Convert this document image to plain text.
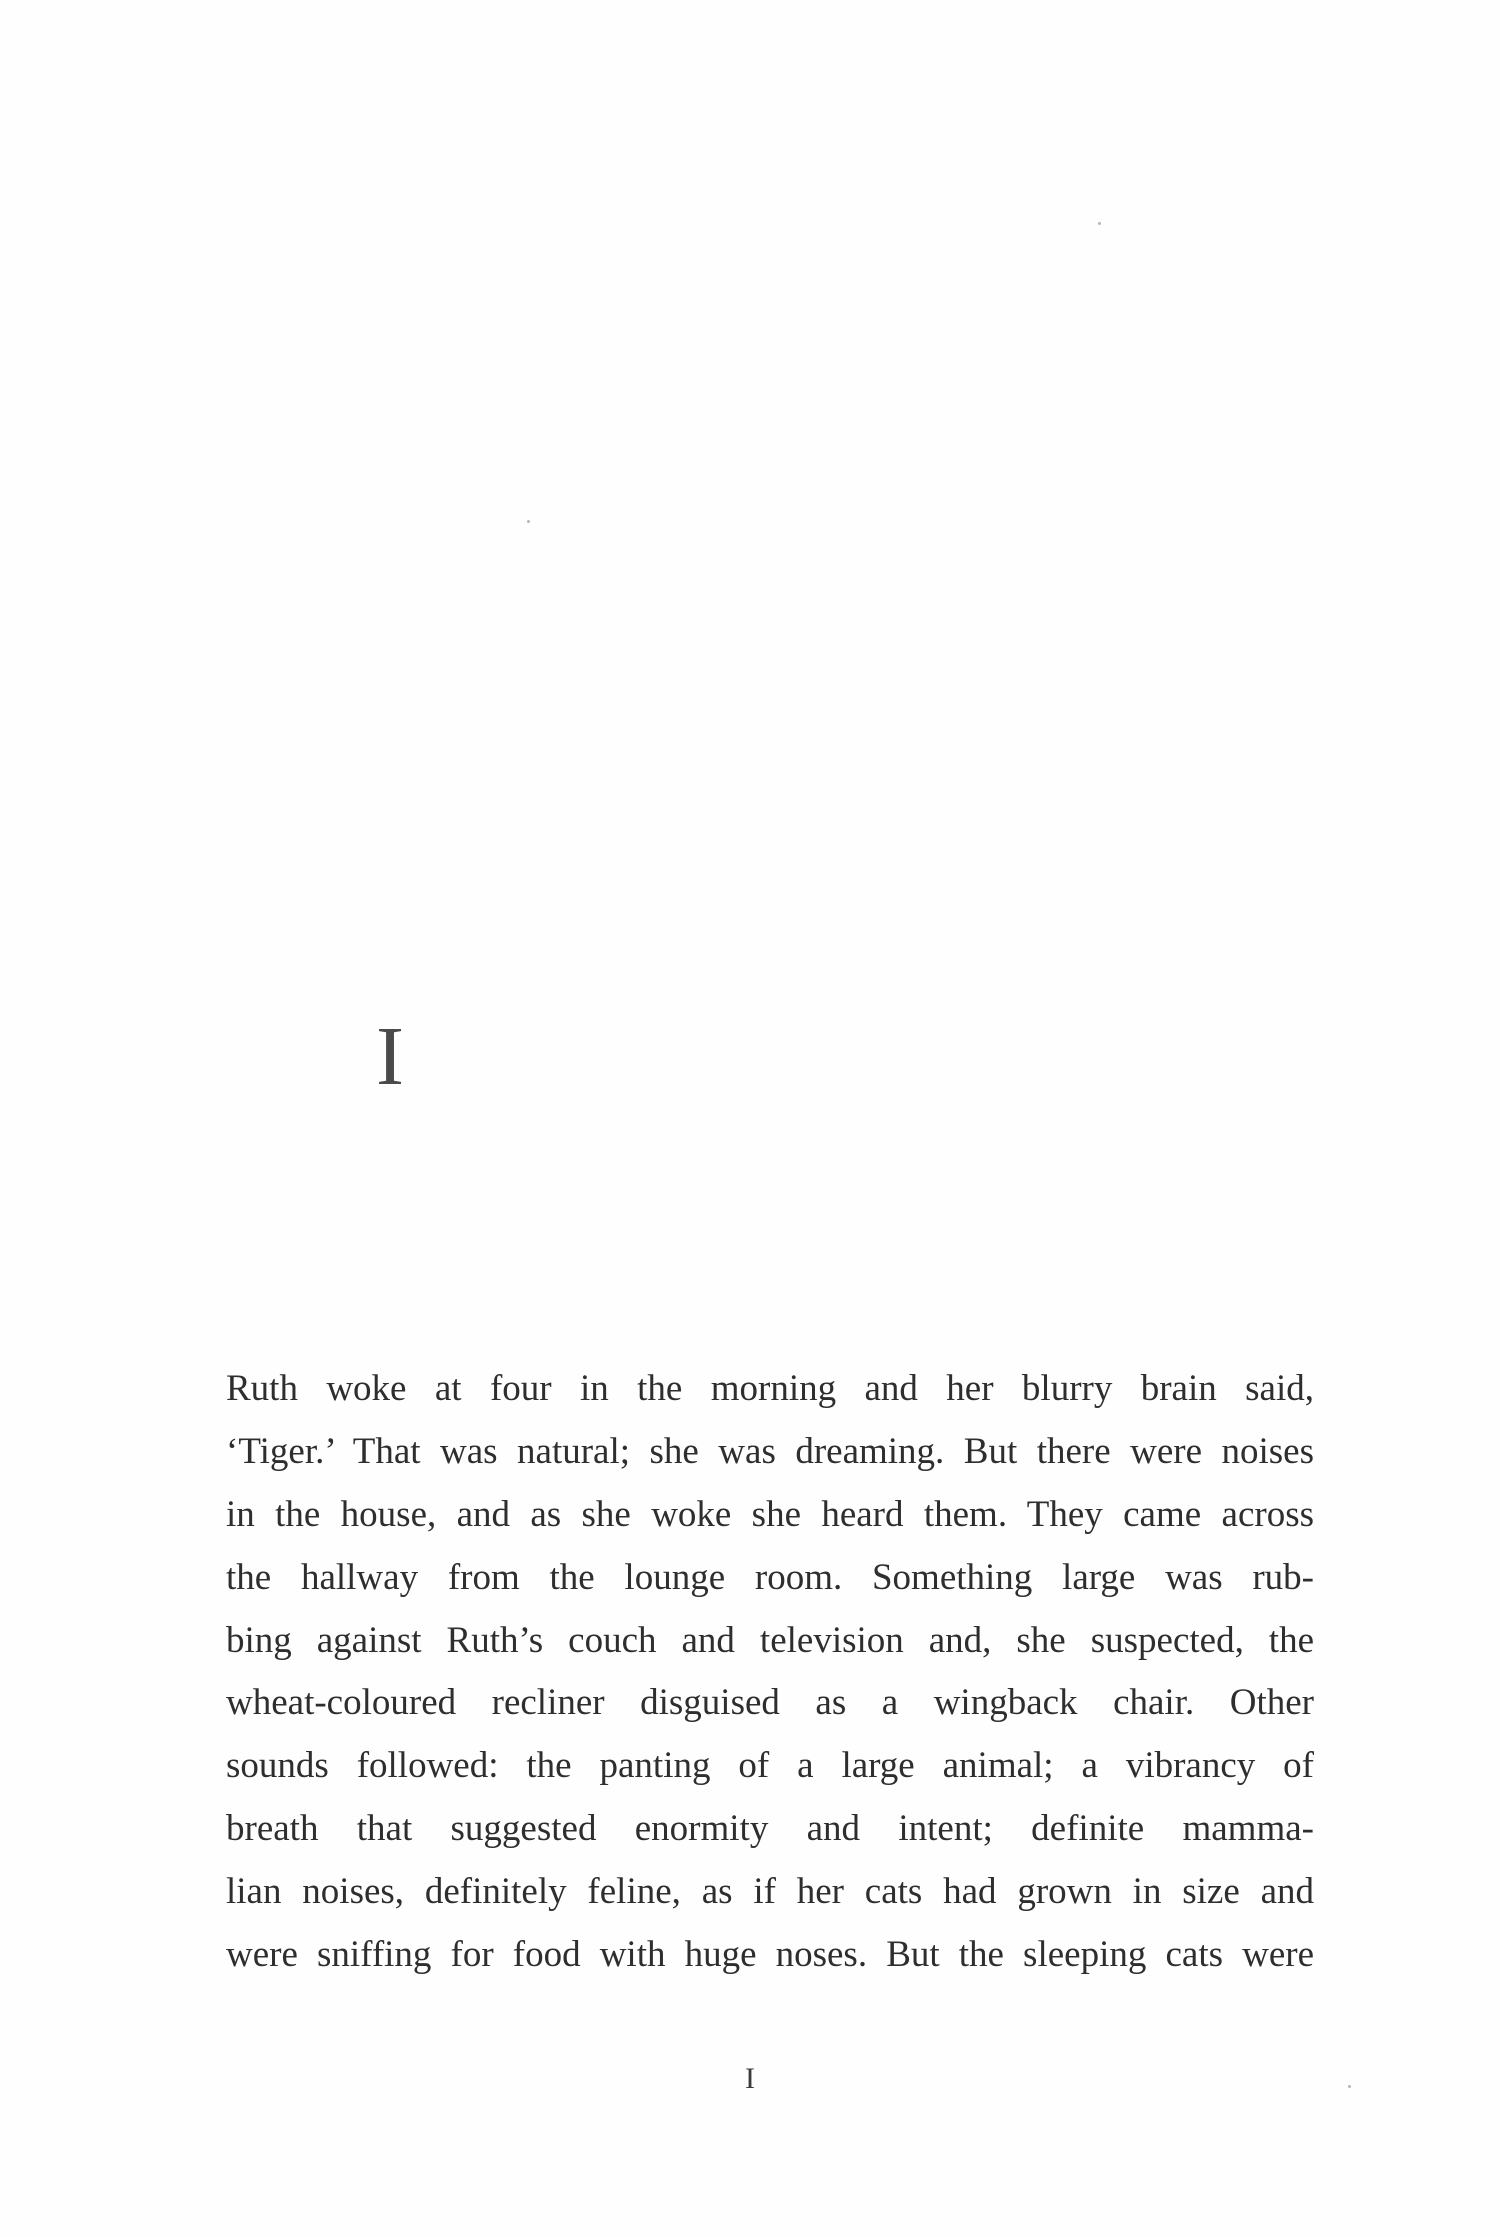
I
Ruth woke at four in the morning and her blurry brain said,
‘Tiger.’ That was natural; she was dreaming. But there were noises
in the house, and as she woke she heard them. They came across
the hallway from the lounge room. Something large was rub-
bing against Ruth’s couch and television and, she suspected, the
wheat-coloured recliner disguised as a wingback chair. Other
sounds followed: the panting of a large animal; a vibrancy of
breath that suggested enormity and intent; definite mamma-
lian noises, definitely feline, as if her cats had grown in size and
were sniffing for food with huge noses. But the sleeping cats were
I
